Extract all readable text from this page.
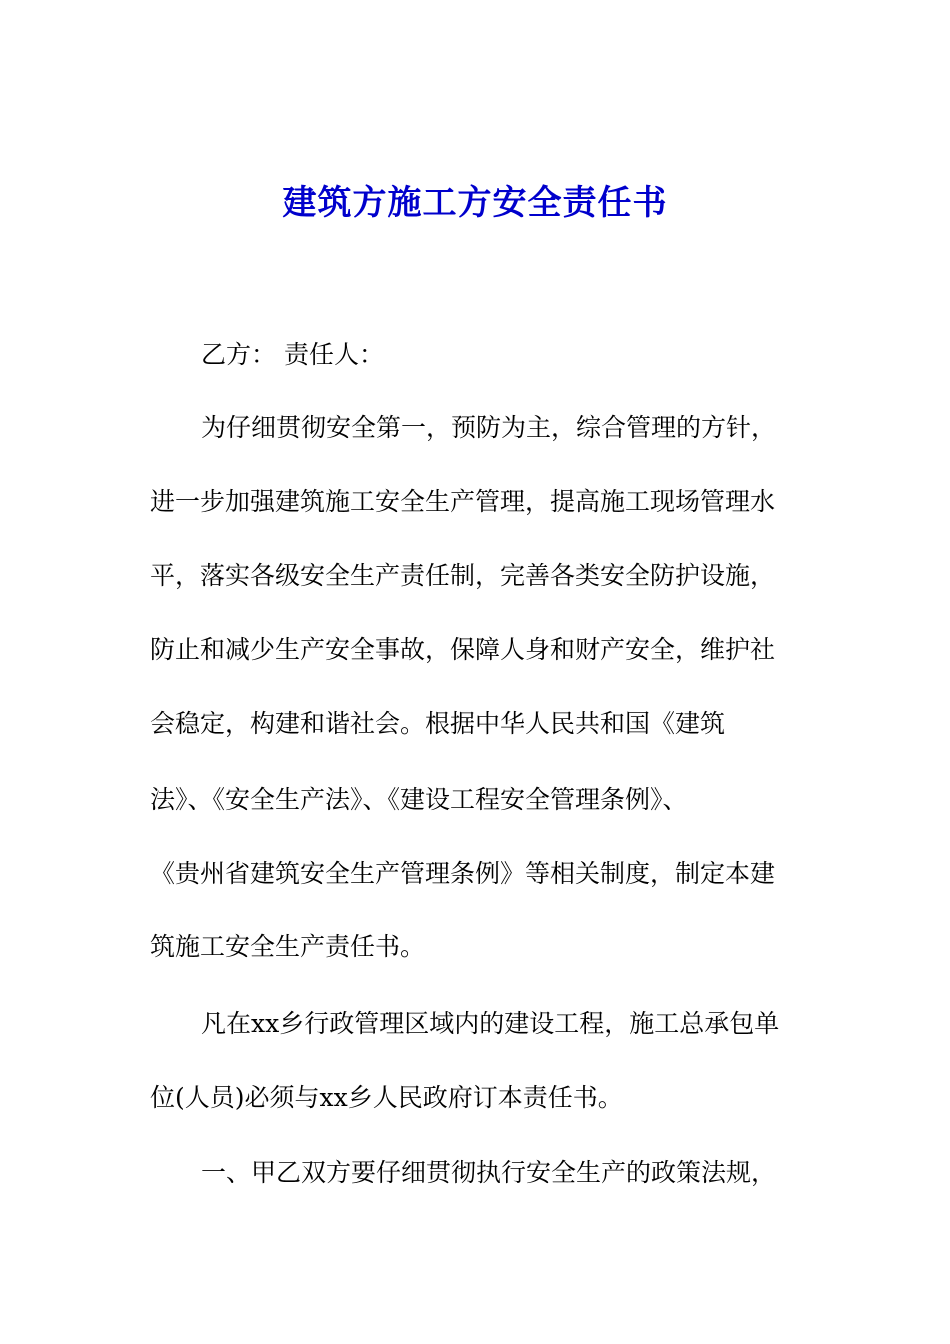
建筑方施工方安全责任书
乙方： 责任人：
为仔细贯彻安全第一，预防为主，综合管理的方针，
进一步加强建筑施工安全生产管理，提高施工现场管理水
平，落实各级安全生产责任制，完善各类安全防护设施，
防止和减少生产安全事故，保障人身和财产安全，维护社
会稳定，构建和谐社会。根据中华人民共和国《建筑
法》、《安全生产法》、《建设工程安全管理条例》、
《贵州省建筑安全生产管理条例》等相关制度，制定本建
筑施工安全生产责任书。
凡在xx乡行政管理区域内的建设工程，施工总承包单
位(人员)必须与xx乡人民政府订本责任书。
一、甲乙双方要仔细贯彻执行安全生产的政策法规，
